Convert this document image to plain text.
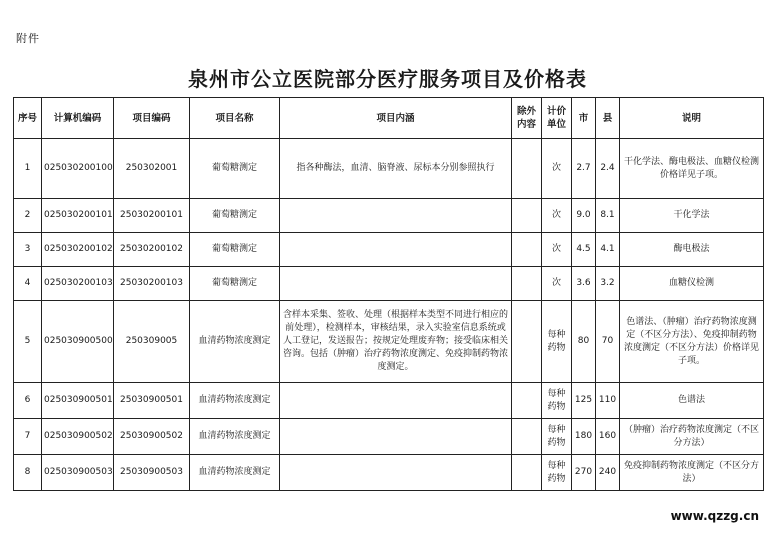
附件
泉州市公立医院部分医疗服务项目及价格表
序号	计算机编码	项目编码	项目名称	项目内涵	除外内容	计价单位	市	县	说明
1	025030200100	250302001	葡萄糖测定	指各种酶法，血清、脑脊液、尿标本分别参照执行		次	2.7	2.4	干化学法、酶电极法、血糖仪检测价格详见子项。
2	025030200101	25030200101	葡萄糖测定			次	9.0	8.1	干化学法
3	025030200102	25030200102	葡萄糖测定			次	4.5	4.1	酶电极法
4	025030200103	25030200103	葡萄糖测定			次	3.6	3.2	血糖仪检测
5	025030900500	250309005	血清药物浓度测定	含样本采集、签收、处理（根据样本类型不同进行相应的前处理），检测样本，审核结果，录入实验室信息系统或人工登记，发送报告；按规定处理废弃物；接受临床相关咨询。包括（肿瘤）治疗药物浓度测定、免疫抑制药物浓度测定。		每种药物	80	70	色谱法、（肿瘤）治疗药物浓度测定（不区分方法）、免疫抑制药物浓度测定（不区分方法）价格详见子项。
6	025030900501	25030900501	血清药物浓度测定			每种药物	125	110	色谱法
7	025030900502	25030900502	血清药物浓度测定			每种药物	180	160	（肿瘤）治疗药物浓度测定（不区分方法）
8	025030900503	25030900503	血清药物浓度测定			每种药物	270	240	免疫抑制药物浓度测定（不区分方法）
www.qzzg.cn
